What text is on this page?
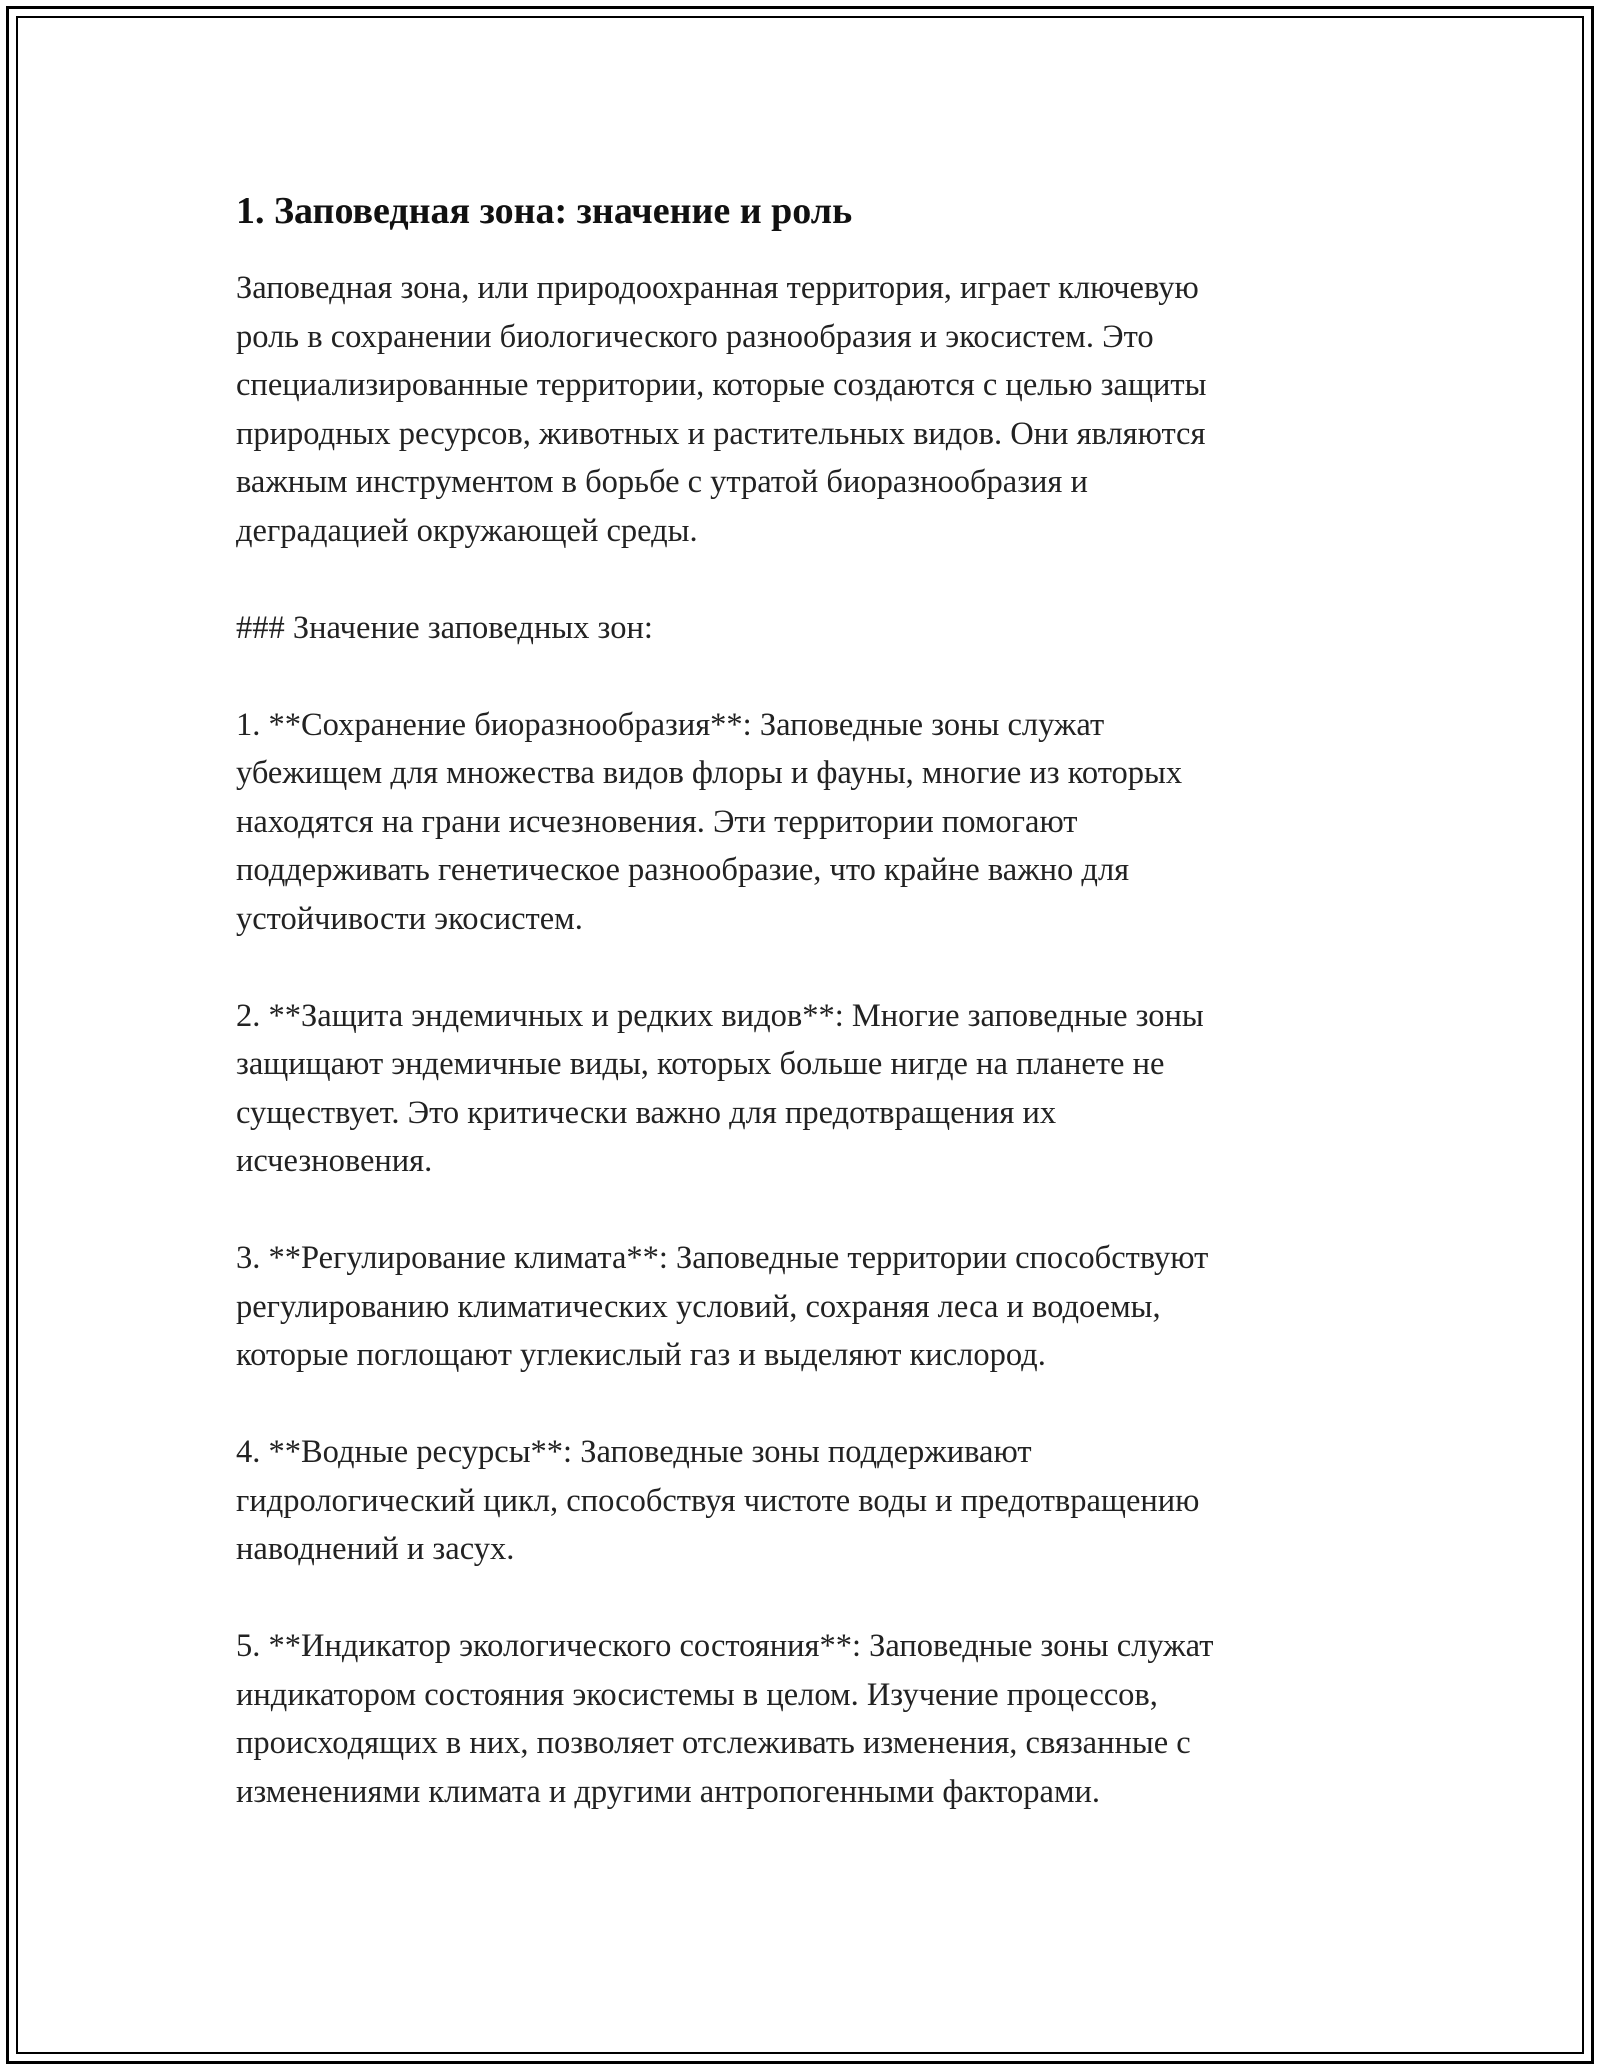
1. Заповедная зона: значение и роль
Заповедная зона, или природоохранная территория, играет ключевую
роль в сохранении биологического разнообразия и экосистем. Это
специализированные территории, которые создаются с целью защиты
природных ресурсов, животных и растительных видов. Они являются
важным инструментом в борьбе с утратой биоразнообразия и
деградацией окружающей среды.
### Значение заповедных зон:
1. **Сохранение биоразнообразия**: Заповедные зоны служат
убежищем для множества видов флоры и фауны, многие из которых
находятся на грани исчезновения. Эти территории помогают
поддерживать генетическое разнообразие, что крайне важно для
устойчивости экосистем.
2. **Защита эндемичных и редких видов**: Многие заповедные зоны
защищают эндемичные виды, которых больше нигде на планете не
существует. Это критически важно для предотвращения их
исчезновения.
3. **Регулирование климата**: Заповедные территории способствуют
регулированию климатических условий, сохраняя леса и водоемы,
которые поглощают углекислый газ и выделяют кислород.
4. **Водные ресурсы**: Заповедные зоны поддерживают
гидрологический цикл, способствуя чистоте воды и предотвращению
наводнений и засух.
5. **Индикатор экологического состояния**: Заповедные зоны служат
индикатором состояния экосистемы в целом. Изучение процессов,
происходящих в них, позволяет отслеживать изменения, связанные с
изменениями климата и другими антропогенными факторами.
